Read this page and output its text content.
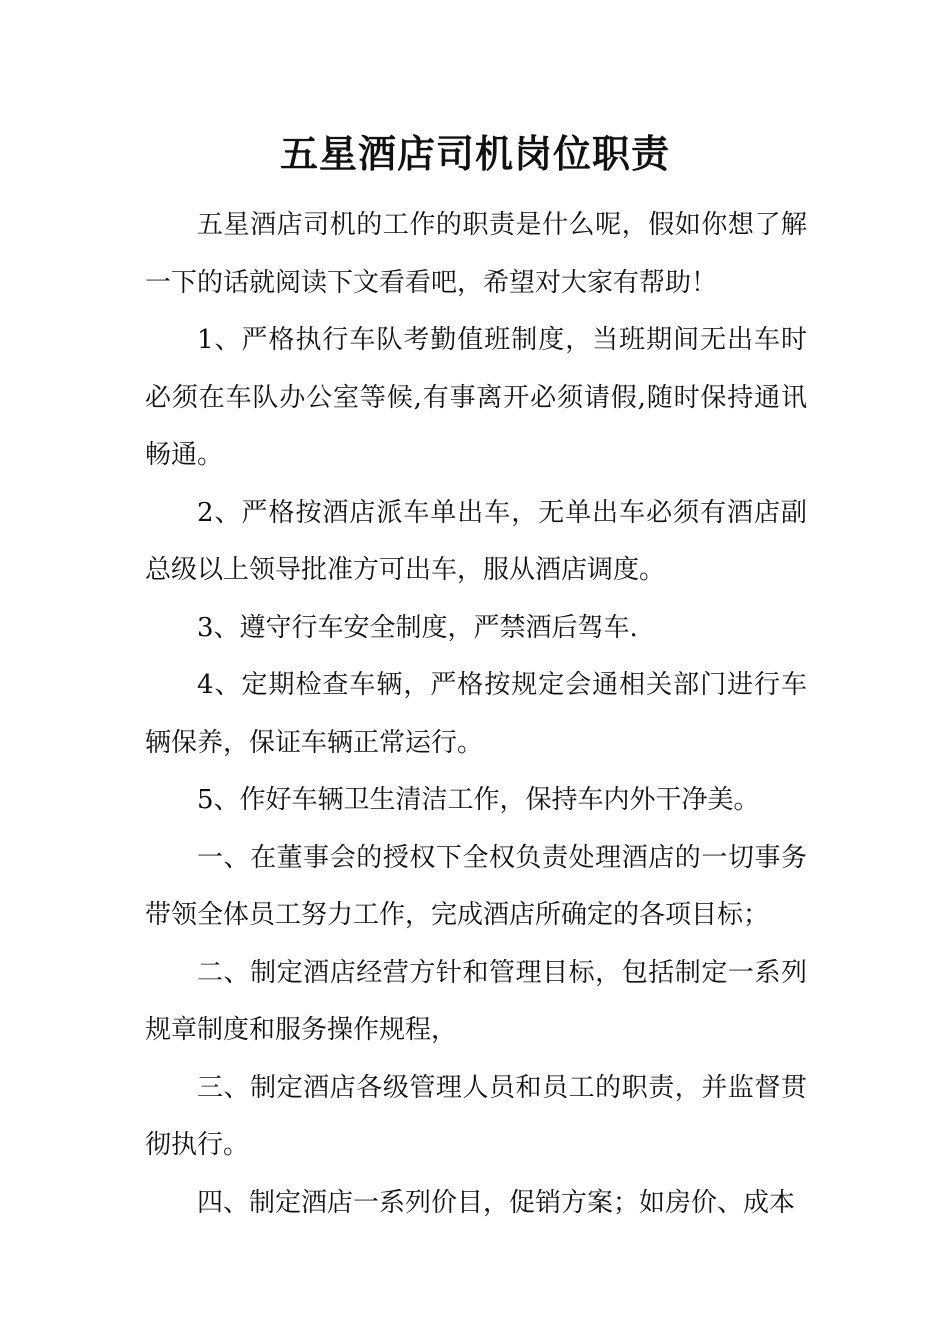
五星酒店司机岗位职责

五星酒店司机的工作的职责是什么呢，假如你想了解一下的话就阅读下文看看吧，希望对大家有帮助！

1、严格执行车队考勤值班制度，当班期间无出车时必须在车队办公室等候,有事离开必须请假,随时保持通讯畅通。

2、严格按酒店派车单出车，无单出车必须有酒店副总级以上领导批准方可出车，服从酒店调度。

3、遵守行车安全制度，严禁酒后驾车.

4、定期检查车辆，严格按规定会通相关部门进行车辆保养，保证车辆正常运行。

5、作好车辆卫生清洁工作，保持车内外干净美。

一、在董事会的授权下全权负责处理酒店的一切事务带领全体员工努力工作，完成酒店所确定的各项目标；

二、制定酒店经营方针和管理目标，包括制定一系列规章制度和服务操作规程，

三、制定酒店各级管理人员和员工的职责，并监督贯彻执行。

四、制定酒店一系列价目，促销方案；如房价、成本
